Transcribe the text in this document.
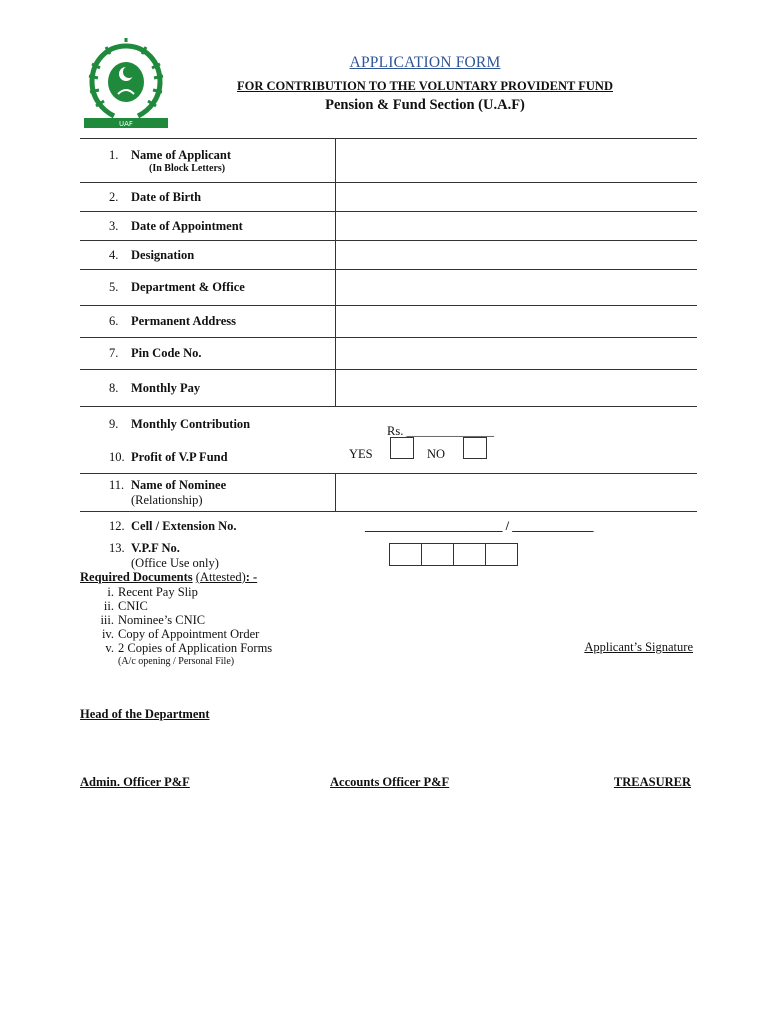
UAF
APPLICATION FORM
FOR CONTRIBUTION TO THE VOLUNTARY PROVIDENT FUND
Pension & Fund Section (U.A.F)
1. Name of Applicant
(In Block Letters)
2. Date of Birth
3. Date of Appointment
4. Designation
5. Department & Office
6. Permanent Address
7. Pin Code No.
8. Monthly Pay
9. Monthly Contribution
Rs. ______________
10. Profit of V.P Fund	YES	NO
11. Name of Nominee
(Relationship)
12. Cell / Extension No.	______________________ / _____________
13. V.P.F No.
(Office Use only)
Required Documents (Attested): -
i. Recent Pay Slip
ii. CNIC
iii. Nominee’s CNIC
iv. Copy of Appointment Order
v. 2 Copies of Application Forms
(A/c opening / Personal File)
Applicant’s Signature
Head of the Department
Admin. Officer P&F	Accounts Officer P&F	TREASURER
